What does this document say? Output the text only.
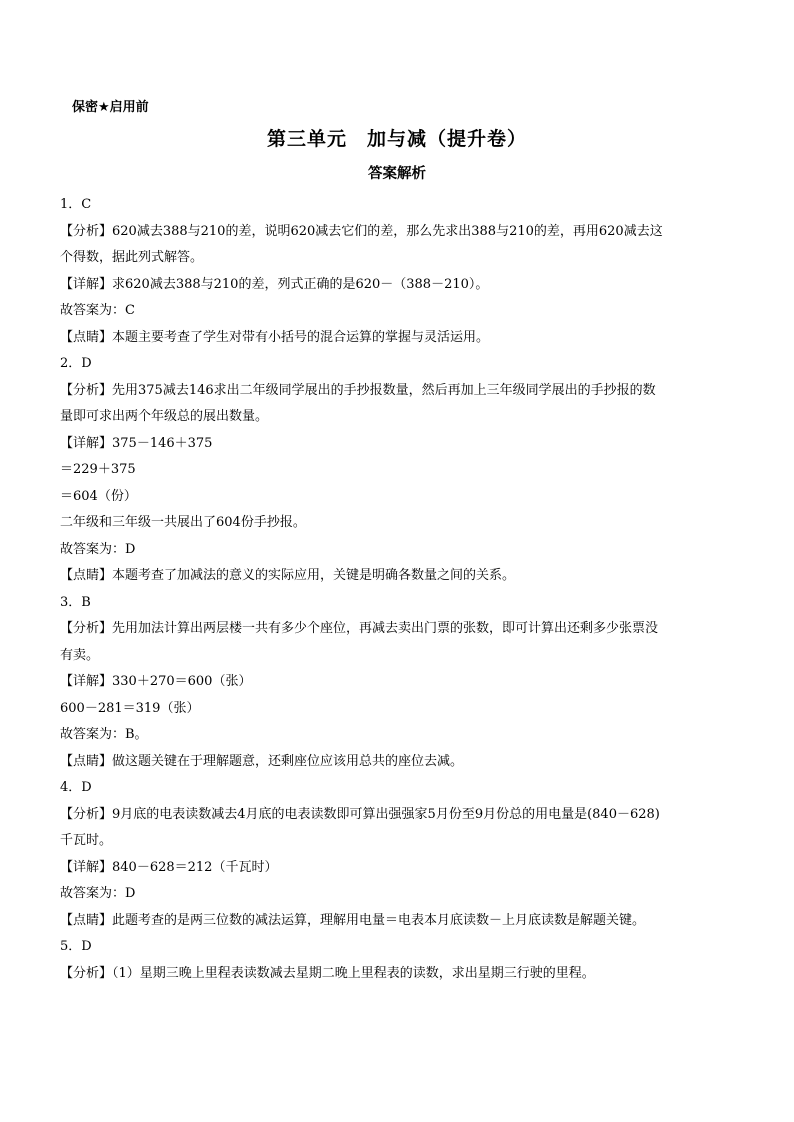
保密★启用前
第三单元　加与减（提升卷）
答案解析

1．C

【分析】620减去388与210的差，说明620减去它们的差，那么先求出388与210的差，再用620减去这

个得数，据此列式解答。

【详解】求620减去388与210的差，列式正确的是620－（388－210）。

故答案为：C

【点睛】本题主要考查了学生对带有小括号的混合运算的掌握与灵活运用。

2．D

【分析】先用375减去146求出二年级同学展出的手抄报数量，然后再加上三年级同学展出的手抄报的数

量即可求出两个年级总的展出数量。

【详解】375－146＋375

＝229＋375

＝604（份）

二年级和三年级一共展出了604份手抄报。

故答案为：D

【点睛】本题考查了加减法的意义的实际应用，关键是明确各数量之间的关系。

3．B

【分析】先用加法计算出两层楼一共有多少个座位，再减去卖出门票的张数，即可计算出还剩多少张票没

有卖。

【详解】330＋270＝600（张）

600－281＝319（张）

故答案为：B。

【点睛】做这题关键在于理解题意，还剩座位应该用总共的座位去减。

4．D

【分析】9月底的电表读数减去4月底的电表读数即可算出强强家5月份至9月份总的用电量是(840－628)

千瓦时。

【详解】840－628＝212（千瓦时）

故答案为：D

【点睛】此题考查的是两三位数的减法运算，理解用电量＝电表本月底读数－上月底读数是解题关键。

5．D

【分析】（1）星期三晚上里程表读数减去星期二晚上里程表的读数，求出星期三行驶的里程。
